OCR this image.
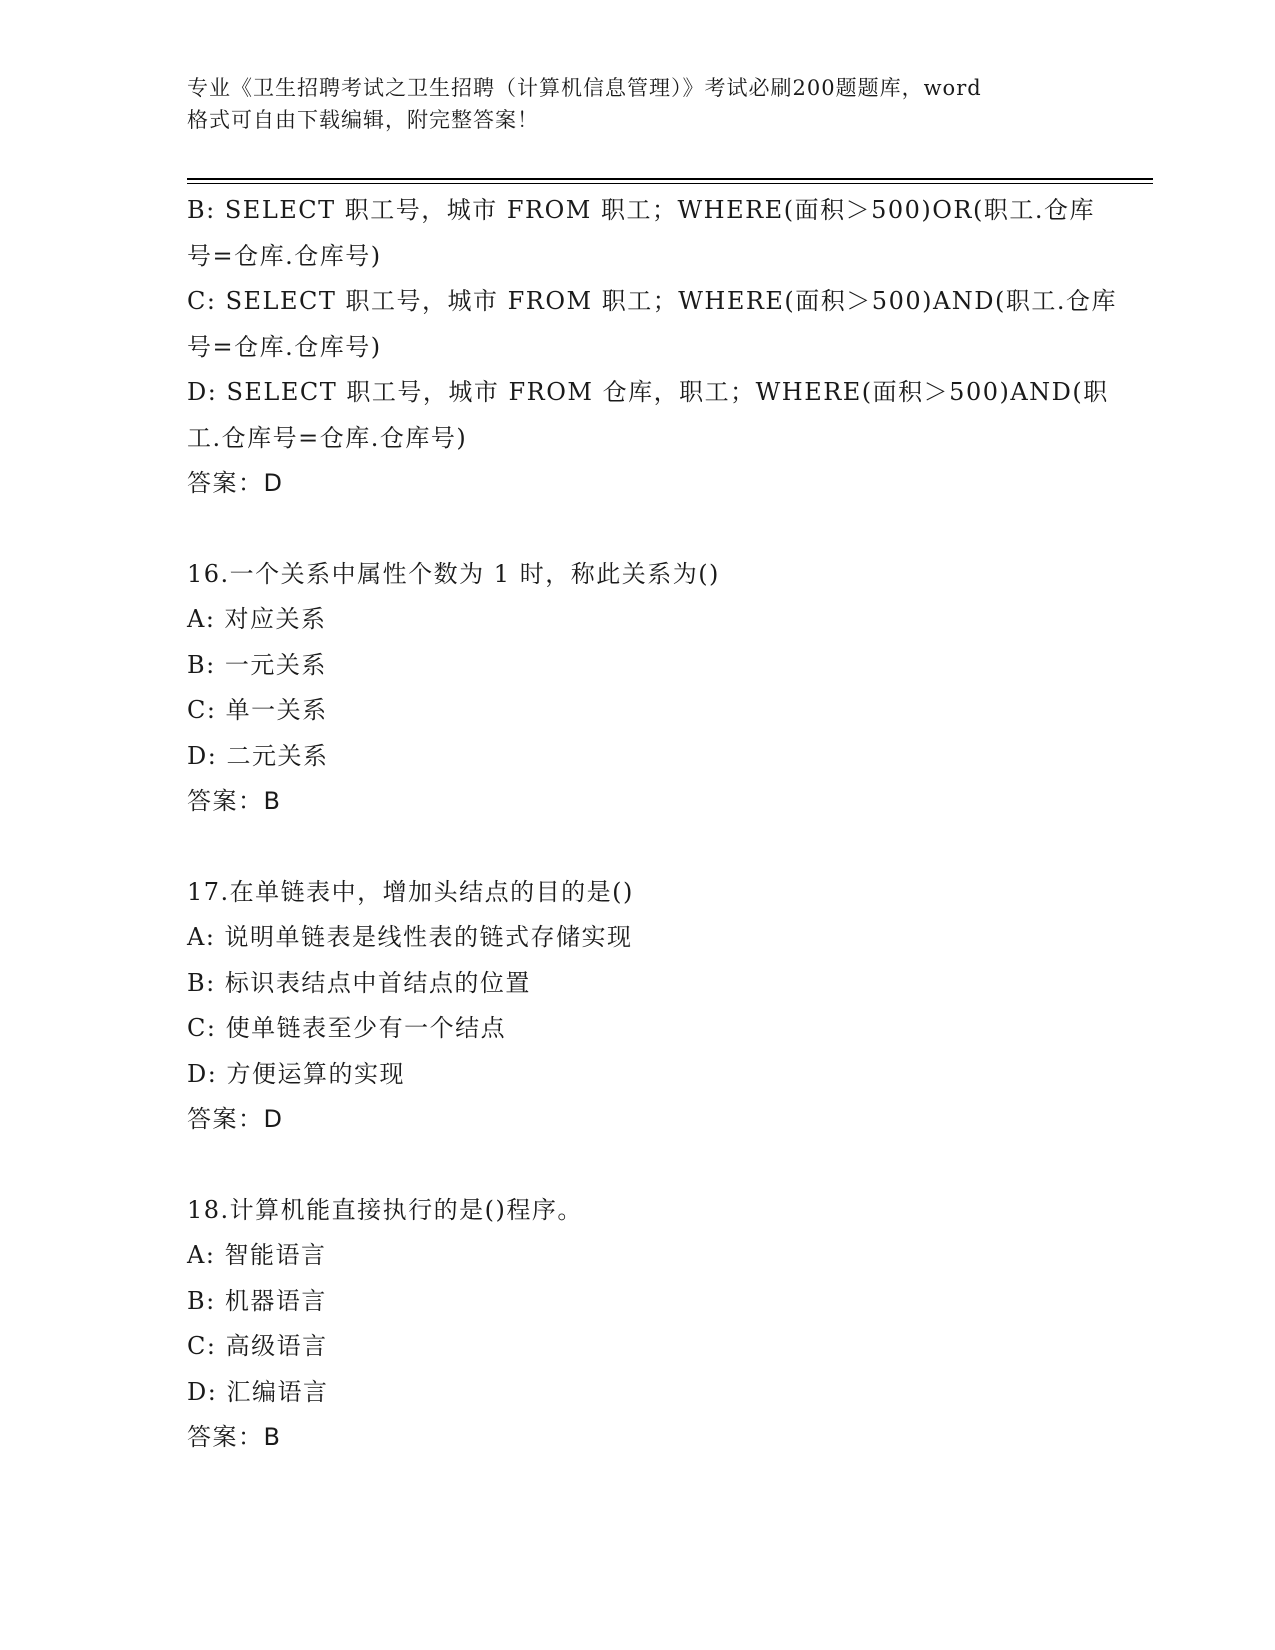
专业《卫生招聘考试之卫生招聘（计算机信息管理）》考试必刷200题题库，word
格式可自由下载编辑，附完整答案！
B: SELECT 职工号，城市 FROM 职工；WHERE(面积＞500)OR(职工.仓库
号=仓库.仓库号)
C: SELECT 职工号，城市 FROM 职工；WHERE(面积＞500)AND(职工.仓库
号=仓库.仓库号)
D: SELECT 职工号，城市 FROM 仓库，职工；WHERE(面积＞500)AND(职
工.仓库号=仓库.仓库号)
答案：D
16.一个关系中属性个数为 1 时，称此关系为()
A: 对应关系
B: 一元关系
C: 单一关系
D: 二元关系
答案：B
17.在单链表中，增加头结点的目的是()
A: 说明单链表是线性表的链式存储实现
B: 标识表结点中首结点的位置
C: 使单链表至少有一个结点
D: 方便运算的实现
答案：D
18.计算机能直接执行的是()程序。
A: 智能语言
B: 机器语言
C: 高级语言
D: 汇编语言
答案：B
